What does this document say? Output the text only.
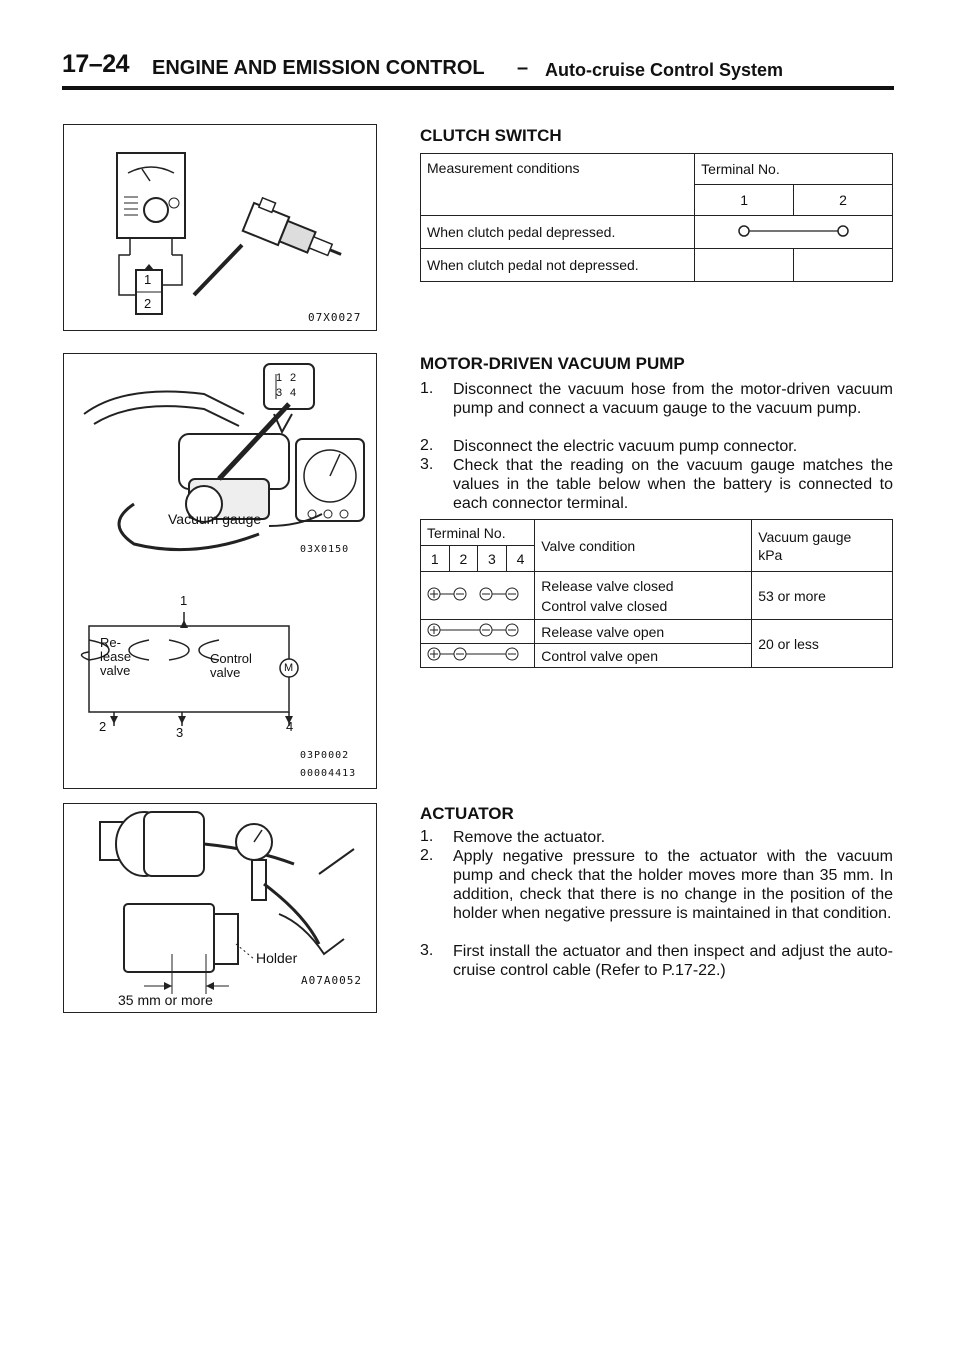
17–24 ENGINE AND EMISSION CONTROL – Auto-cruise Control System
1
2
07X0027
1 2
3 4
Vacuum gauge
03X0150
1
Re-
lease
valve
Control
valve	M
2	3	4
03P0002
00004413
Holder
A07A0052
35 mm or more
CLUTCH SWITCH
Measurement conditions	Terminal No.	
	1	2
When clutch pedal depressed.	
When clutch pedal not depressed.		
MOTOR-DRIVEN VACUUM PUMP
1. Disconnect the vacuum hose from the motor-driven vacuum pump and connect a vacuum gauge to the vacuum pump.
2. Disconnect the electric vacuum pump connector.
3. Check that the reading on the vacuum gauge matches the values in the table below when the battery is connected to each connector terminal.
Terminal No.				Valve condition	Vacuum gauge
kPa

1	2	3	4		

Release valve closed
Control valve closed	53 or more
	Release valve open	20 or less
	Control valve open	
ACTUATOR
1. Remove the actuator.
2. Apply negative pressure to the actuator with the vacuum pump and check that the holder moves more than 35 mm. In addition, check that there is no change in the position of the holder when negative pressure is maintained in that condition.
3. First install the actuator and then inspect and adjust the auto-cruise control cable (Refer to P.17-22.)
